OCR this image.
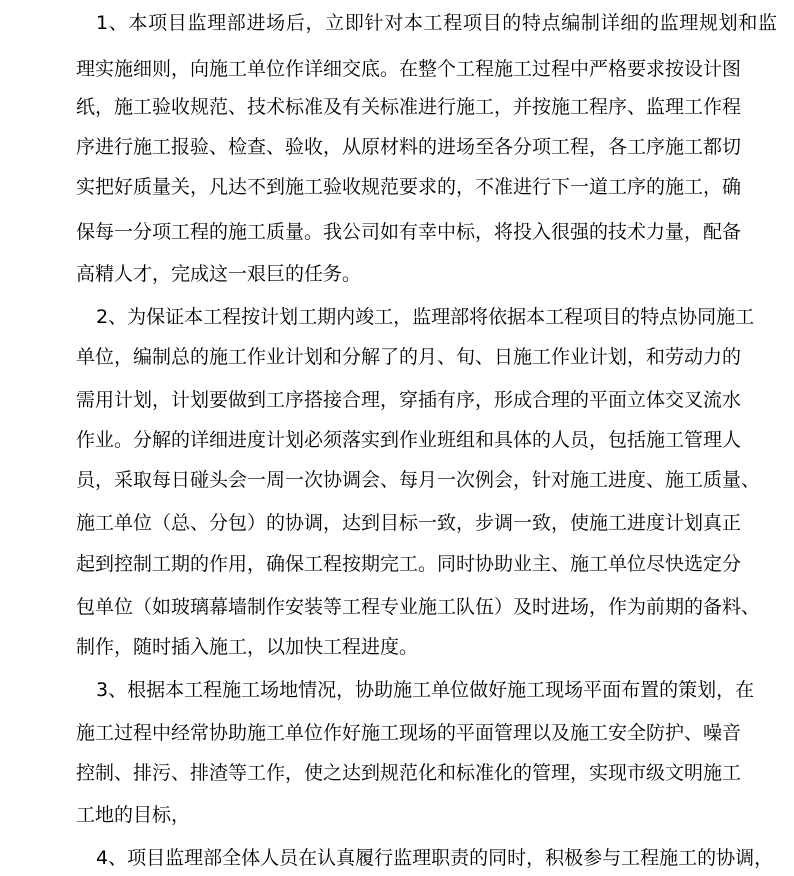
1、本项目监理部进场后，立即针对本工程项目的特点编制详细的监理规划和监
理实施细则，向施工单位作详细交底。在整个工程施工过程中严格要求按设计图
纸，施工验收规范、技术标准及有关标准进行施工，并按施工程序、监理工作程
序进行施工报验、检查、验收，从原材料的进场至各分项工程，各工序施工都切
实把好质量关，凡达不到施工验收规范要求的，不准进行下一道工序的施工，确
保每一分项工程的施工质量。我公司如有幸中标，将投入很强的技术力量，配备
高精人才，完成这一艰巨的任务。
2、为保证本工程按计划工期内竣工，监理部将依据本工程项目的特点协同施工
单位，编制总的施工作业计划和分解了的月、旬、日施工作业计划，和劳动力的
需用计划，计划要做到工序搭接合理，穿插有序，形成合理的平面立体交叉流水
作业。分解的详细进度计划必须落实到作业班组和具体的人员，包括施工管理人
员，采取每日碰头会一周一次协调会、每月一次例会，针对施工进度、施工质量、
施工单位（总、分包）的协调，达到目标一致，步调一致，使施工进度计划真正
起到控制工期的作用，确保工程按期完工。同时协助业主、施工单位尽快选定分
包单位（如玻璃幕墙制作安装等工程专业施工队伍）及时进场，作为前期的备料、
制作，随时插入施工，以加快工程进度。
3、根据本工程施工场地情况，协助施工单位做好施工现场平面布置的策划，在
施工过程中经常协助施工单位作好施工现场的平面管理以及施工安全防护、噪音
控制、排污、排渣等工作，使之达到规范化和标准化的管理，实现市级文明施工
工地的目标，
4、项目监理部全体人员在认真履行监理职责的同时，积极参与工程施工的协调，
